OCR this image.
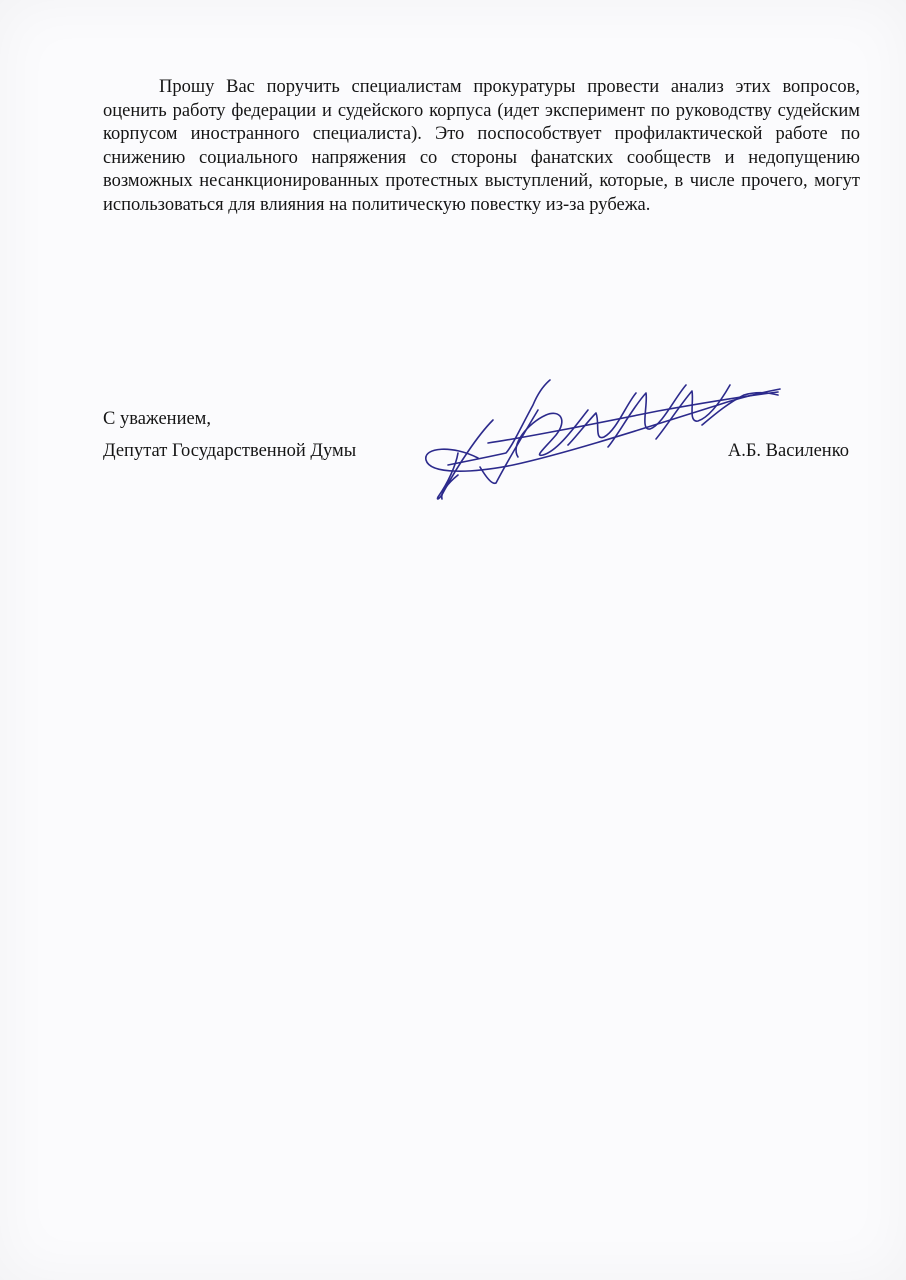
Прошу Вас поручить специалистам прокуратуры провести анализ этих вопросов, оценить работу федерации и судейского корпуса (идет эксперимент по руководству судейским корпусом иностранного специалиста). Это поспособствует профилактической работе по снижению социального напряжения со стороны фанатских сообществ и недопущению возможных несанкционированных протестных выступлений, которые, в числе прочего, могут использоваться для влияния на политическую повестку из-за рубежа.

С уважением,
Депутат Государственной Думы	А.Б. Василенко
